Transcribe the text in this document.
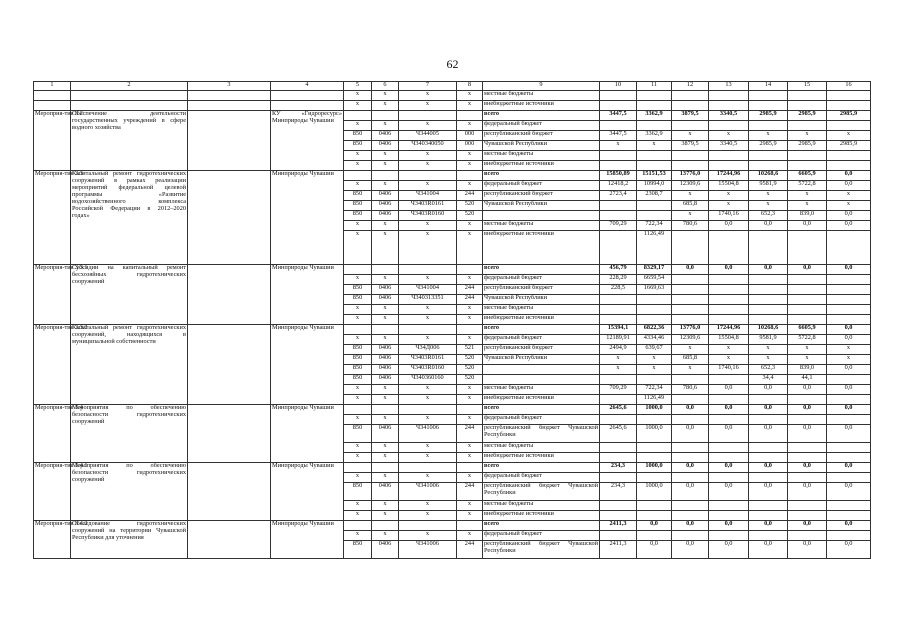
62
1	2	3	4	5	6	7	8	9	10	11	12	13	14	15	16
				x	x	x	x	местные бюджеты							
				x	x	x	x	внебюджетные источники							
Мероприя-тие 3.2	Обеспечение деятельности государственных учреждений в сфере водного хозяйства		КУ «Гидроресурс» Минприроды Чувашии					всего	3447,5	3362,9	3879,5	3340,5	2985,9	2985,9	2985,9
				x	x	x	x	федеральный бюджет							
				850	0406	Ч344005	000	республиканский бюджет	3447,5	3362,9	x	x	x	x	x
				850	0406	Ч340340050	000	Чувашской Республики	x	x	3879,5	3340,5	2985,9	2985,9	2985,9
				x	x	x	x	местные бюджеты							
				x	x	x	x	внебюджетные источники							
Мероприя-тие 3.3	Капитальный ремонт гидротехнических сооружений в рамках реализации мероприятий федеральной целевой программы «Развитие водохозяйственного комплекса Российской Федерации в 2012–2020 годах»		Минприроды Чувашии					всего	15850,89	15151,53	13776,0	17244,96	10268,6	6605,9	0,0
				x	x	x	x	федеральный бюджет	12418,2	10994,0	12309,6	15504,8	9581,9	5722,8	0,0
				850	0406	Ч341004	244	республиканский бюджет	2723,4	2308,7	x	x	x	x	x
				850	0406	Ч3403R0161	520	Чувашской Республики			685,8	x	x	x	x
				850	0406	Ч3403R0160	520				x	1740,16	652,3	839,0	0,0
				x	x	x	x	местные бюджеты	709,29	722,34	780,6	0,0	0,0	0,0	0,0
				x	x	x	x	внебюджетные источники		1126,49					
Мероприя-тие 3.3.1	Субсидии на капитальный ремонт бесхозяйных гидротехнических сооружений		Минприроды Чувашии					всего	456,79	8329,17	0,0	0,0	0,0	0,0	0,0
				x	x	x	x	федеральный бюджет	228,29	6659,54					
				850	0406	Ч341004	244	республиканский бюджет	228,5	1669,63					
				850	0406	Ч340313351	244	Чувашской Республики							
				x	x	x	x	местные бюджеты							
				x	x	x	x	внебюджетные источники							
Мероприя-тие 3.3.2	Капитальный ремонт гидротехнических сооружений, находящихся в муниципальной собственности		Минприроды Чувашии					всего	15394,1	6822,36	13776,0	17244,96	10268,6	6605,9	0,0
				x	x	x	x	федеральный бюджет	12189,91	4334,46	12309,6	15504,8	9581,9	5722,8	0,0
				850	0406	Ч34Д006	521	республиканский бюджет	2494,9	639,67	x	x	x	x	x
				850	0406	Ч3403R0161	520	Чувашской Республики	x	x	685,8	x	x	x	x
				850	0406	Ч3403R0160	520		x	x	x	1740,16	652,3	839,0	0,0
				850	0406	Ч340360160	520						34,4	44,1	
				x	x	x	x	местные бюджеты	709,29	722,34	780,6	0,0	0,0	0,0	0,0
				x	x	x	x	внебюджетные источники		1126,49					
Мероприя-тие 3.4	Мероприятия по обеспечению безопасности гидротехнических сооружений		Минприроды Чувашии					всего	2645,6	1000,0	0,0	0,0	0,0	0,0	0,0
				x	x	x	x	федеральный бюджет							
				850	0406	Ч341006	244	республиканский бюджет Чувашской Республики	2645,6	1000,0	0,0	0,0	0,0	0,0	0,0
				x	x	x	x	местные бюджеты							
				x	x	x	x	внебюджетные источники							
Мероприя-тие 3.4.1	Мероприятия по обеспечению безопасности гидротехнических сооружений		Минприроды Чувашии					всего	234,3	1000,0	0,0	0,0	0,0	0,0	0,0
				x	x	x	x	федеральный бюджет							
				850	0406	Ч341006	244	республиканский бюджет Чувашской Республики	234,3	1000,0	0,0	0,0	0,0	0,0	0,0
				x	x	x	x	местные бюджеты							
				x	x	x	x	внебюджетные источники							
Мероприя-тие 3.4.2	Обследование гидротехнических сооружений на территории Чувашской Республики для уточнения		Минприроды Чувашии					всего	2411,3	0,0	0,0	0,0	0,0	0,0	0,0
				x	x	x	x	федеральный бюджет							
				850	0406	Ч341006	244	республиканский бюджет Чувашской Республики	2411,3	0,0	0,0	0,0	0,0	0,0	0,0
